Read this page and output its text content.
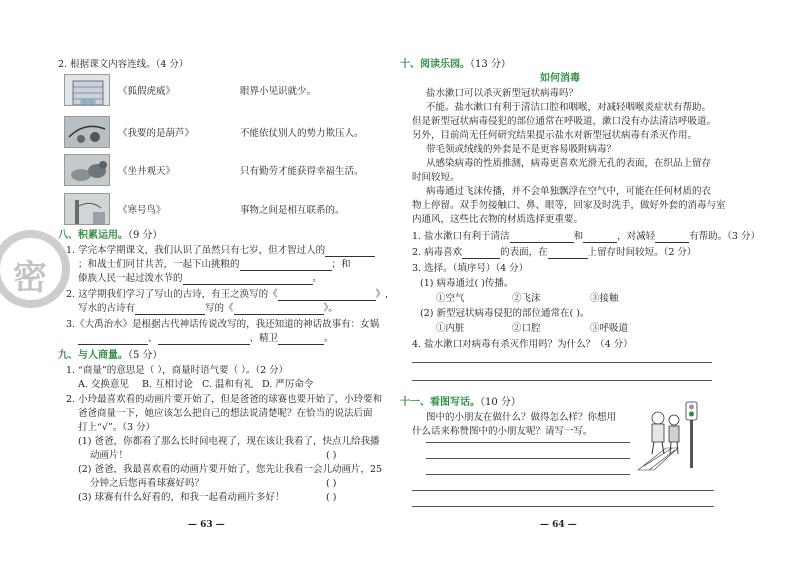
2. 根据课文内容连线。（4 分）
《狐假虎威》
《我要的是葫芦》
《坐井观天》
《寒号鸟》
眼界小见识就少。
不能依仗别人的势力欺压人。
只有勤劳才能获得幸福生活。
事物之间是相互联系的。
密
八、积累运用。（9 分）
1. 学完本学期课文，我们认识了虽然只有七岁，但才智过人的
；和战士们同甘共苦，一起下山挑粮的	；和
傣族人民一起过泼水节的	。
2. 这学期我们学习了写山的古诗，有王之涣写的《	》,
写水的古诗有	写的《	》。
3.《大禹治水》是根据古代神话传说改写的，我还知道的神话故事有：女娲
、	、精卫	。
九、与人商量。（5 分）
1. “商量”的意思是（ ），商量时语气要（ ）。（2 分）
A. 交换意见 B. 互相讨论 C. 温和有礼 D. 严厉命令
2. 小玲最喜欢看的动画片要开始了，但是爸爸的球赛也要开始了，小玲要和
爸爸商量一下，她应该怎么把自己的想法说清楚呢？在恰当的说法后面
打上“√”。（3 分）
(1) 爸爸，你都看了那么长时间电视了，现在该让我看了，快点儿给我播
动画片！	( )
(2) 爸爸，我最喜欢看的动画片要开始了，您先让我看一会儿动画片，25
分钟之后您再看球赛好吗？	( )
(3) 球赛有什么好看的，和我一起看动画片多好！	( )
— 63 —
十、阅读乐园。（13 分）
如何消毒
盐水漱口可以杀灭新型冠状病毒吗？
不能。盐水漱口有利于清洁口腔和咽喉，对减轻咽喉炎症状有帮助。
但是新型冠状病毒侵犯的部位通常在呼吸道，漱口没有办法清洁呼吸道。
另外，目前尚无任何研究结果提示盐水对新型冠状病毒有杀灭作用。
带毛领或绒线的外套是不是更容易吸附病毒？
从感染病毒的性质推测，病毒更喜欢光滑无孔的表面，在织品上留存
时间较短。
病毒通过飞沫传播，并不会单独飘浮在空气中，可能在任何材质的衣
物上停留。双手勿接触口、鼻、眼等，回家及时洗手，做好外套的消毒与室
内通风，这些比衣物的材质选择更重要。
1. 盐水漱口有利于清洁	和	，对减轻	有帮助。（3 分）
2. 病毒喜欢	的表面，在	上留存时间较短。（2 分）
3. 选择。（填序号）（4 分）
(1) 病毒通过( )传播。
①空气	②飞沫	③接触
(2) 新型冠状病毒侵犯的部位通常在( )。
①内脏	②口腔	③呼吸道
4. 盐水漱口对病毒有杀灭作用吗？为什么？（4 分）
十一、看图写话。（10 分）
图中的小朋友在做什么？做得怎么样？你想用
什么话来称赞图中的小朋友呢？请写一写。
— 64 —
